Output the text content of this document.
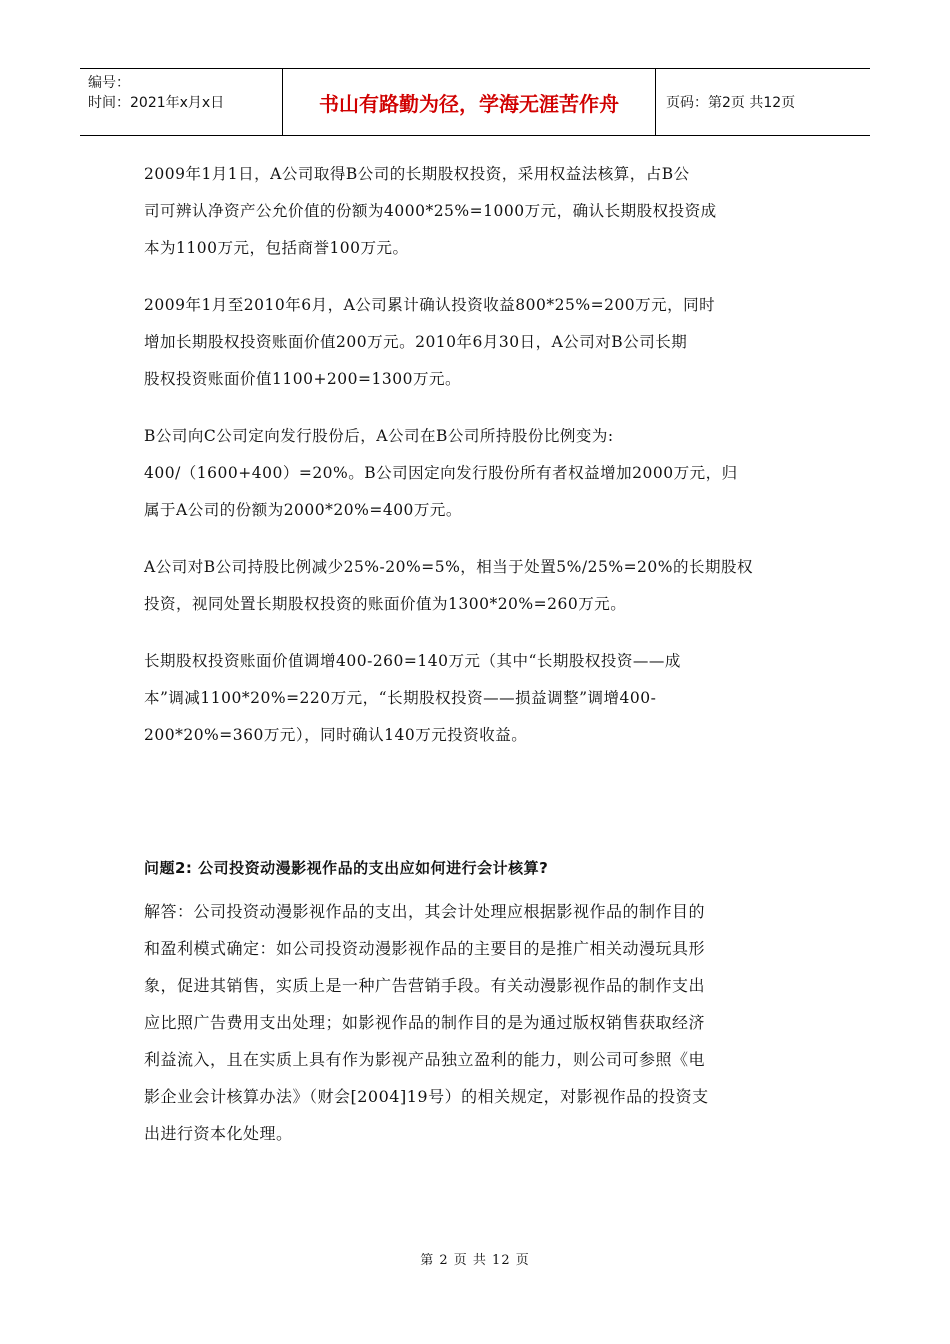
编号：
时间：2021年x月x日	书山有路勤为径，学海无涯苦作舟	页码：第2页 共12页
2009年1月1日，A公司取得B公司的长期股权投资，采用权益法核算，占B公
司可辨认净资产公允价值的份额为4000*25%=1000万元，确认长期股权投资成
本为1100万元，包括商誉100万元。
2009年1月至2010年6月，A公司累计确认投资收益800*25%=200万元，同时
增加长期股权投资账面价值200万元。2010年6月30日，A公司对B公司长期
股权投资账面价值1100+200=1300万元。
B公司向C公司定向发行股份后，A公司在B公司所持股份比例变为:
400/（1600+400）=20%。B公司因定向发行股份所有者权益增加2000万元，归
属于A公司的份额为2000*20%=400万元。
A公司对B公司持股比例减少25%-20%=5%，相当于处置5%/25%=20%的长期股权
投资，视同处置长期股权投资的账面价值为1300*20%=260万元。
长期股权投资账面价值调增400-260=140万元（其中“长期股权投资——成
本”调减1100*20%=220万元，“长期股权投资——损益调整”调增400-
200*20%=360万元），同时确认140万元投资收益。
问题2: 公司投资动漫影视作品的支出应如何进行会计核算?
解答：公司投资动漫影视作品的支出，其会计处理应根据影视作品的制作目的
和盈利模式确定：如公司投资动漫影视作品的主要目的是推广相关动漫玩具形
象，促进其销售，实质上是一种广告营销手段。有关动漫影视作品的制作支出
应比照广告费用支出处理；如影视作品的制作目的是为通过版权销售获取经济
利益流入，且在实质上具有作为影视产品独立盈利的能力，则公司可参照《电
影企业会计核算办法》（财会[2004]19号）的相关规定，对影视作品的投资支
出进行资本化处理。
第 2 页 共 12 页
